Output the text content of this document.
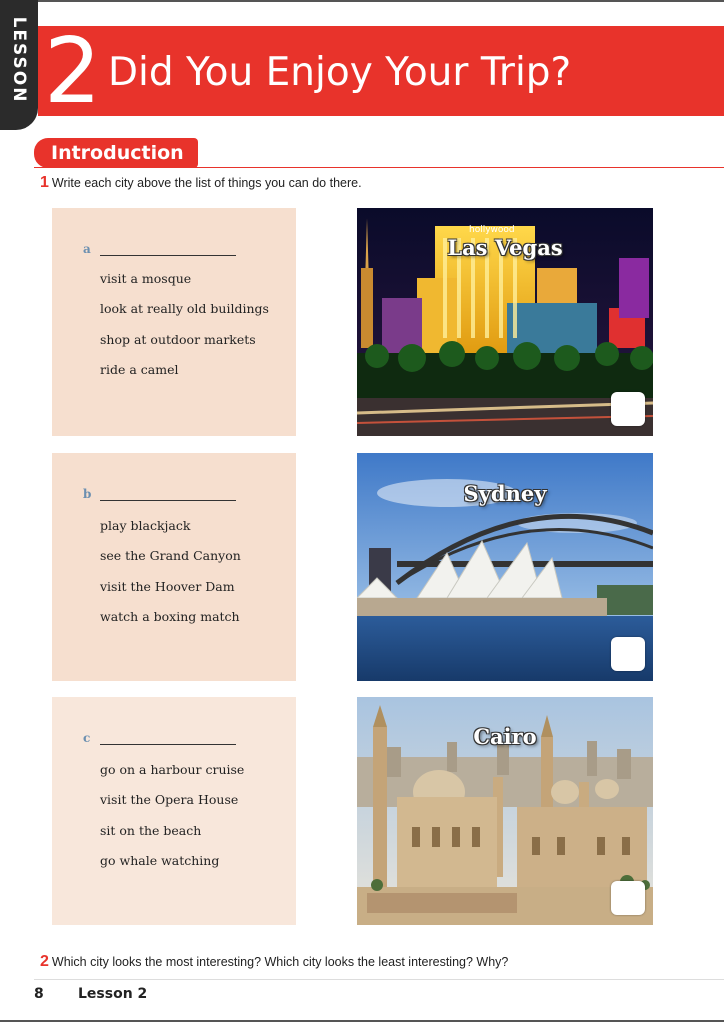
LESSON 2 Did You Enjoy Your Trip?
Introduction
1 Write each city above the list of things you can do there.
a
visit a mosque
look at really old buildings
shop at outdoor markets
ride a camel
b
play blackjack
see the Grand Canyon
visit the Hoover Dam
watch a boxing match
c
go on a harbour cruise
visit the Opera House
sit on the beach
go whale watching
hollywood
Las Vegas
Sydney
Cairo
2 Which city looks the most interesting? Which city looks the least interesting? Why?
8 Lesson 2
